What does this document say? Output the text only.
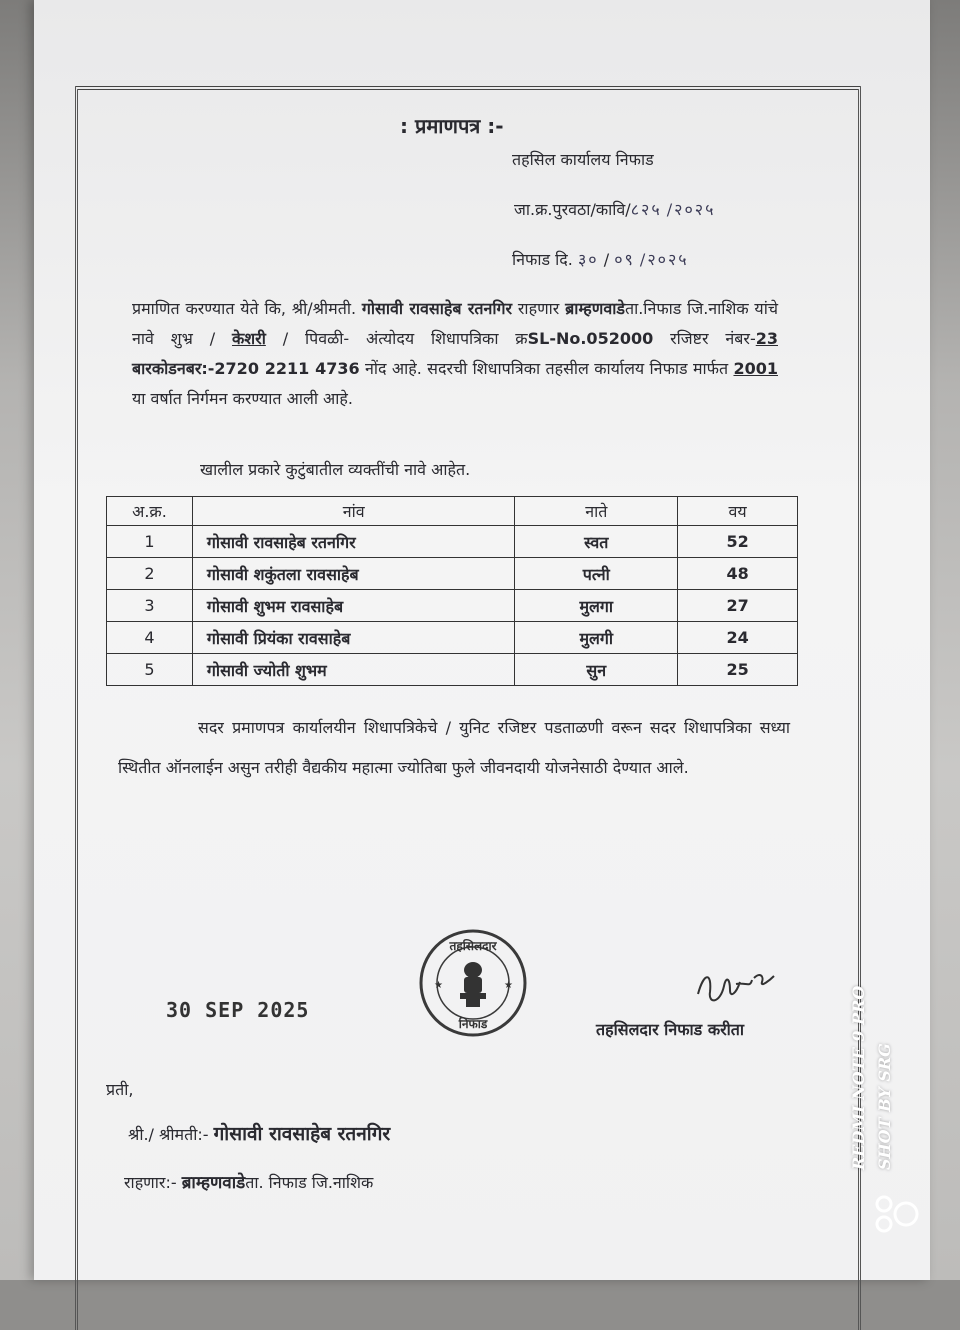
: प्रमाणपत्र :-
तहसिल कार्यालय निफाड
जा.क्र.पुरवठा/कावि/८२५ /२०२५
निफाड दि. ३० / ०९ /२०२५
प्रमाणित करण्यात येते कि, श्री/श्रीमती. गोसावी रावसाहेब रतनगिर राहणार ब्राम्हणवाडेता.निफाड जि.नाशिक यांचे नावे शुभ्र / केशरी / पिवळी- अंत्योदय शिधापत्रिका क्रSL-No.052000 रजिष्टर नंबर-23 बारकोडनबर:-2720 2211 4736 नोंद आहे. सदरची शिधापत्रिका तहसील कार्यालय निफाड मार्फत 2001 या वर्षात निर्गमन करण्यात आली आहे.
खालील प्रकारे कुटुंबातील व्यक्तींची नावे आहेत.
अ.क्र.	नांव	नाते	वय
1	गोसावी रावसाहेब रतनगिर	स्वत	52
2	गोसावी शकुंतला रावसाहेब	पत्नी	48
3	गोसावी शुभम रावसाहेब	मुलगा	27
4	गोसावी प्रियंका रावसाहेब	मुलगी	24
5	गोसावी ज्योती शुभम	सुन	25
सदर प्रमाणपत्र कार्यालयीन शिधापत्रिकेचे / युनिट रजिष्टर पडताळणी वरून सदर शिधापत्रिका सध्या स्थितीत ऑनलाईन असुन तरीही वैद्यकीय महात्मा ज्योतिबा फुले जीवनदायी योजनेसाठी देण्यात आले.
30 SEP 2025
तहसिलदार
निफाड
★	★
तहसिलदार निफाड करीता
प्रती,
श्री./ श्रीमती:- गोसावी रावसाहेब रतनगिर
राहणार:- ब्राम्हणवाडेता. निफाड जि.नाशिक
REDMI NOTE 9 PRO SHOT BY SRG
